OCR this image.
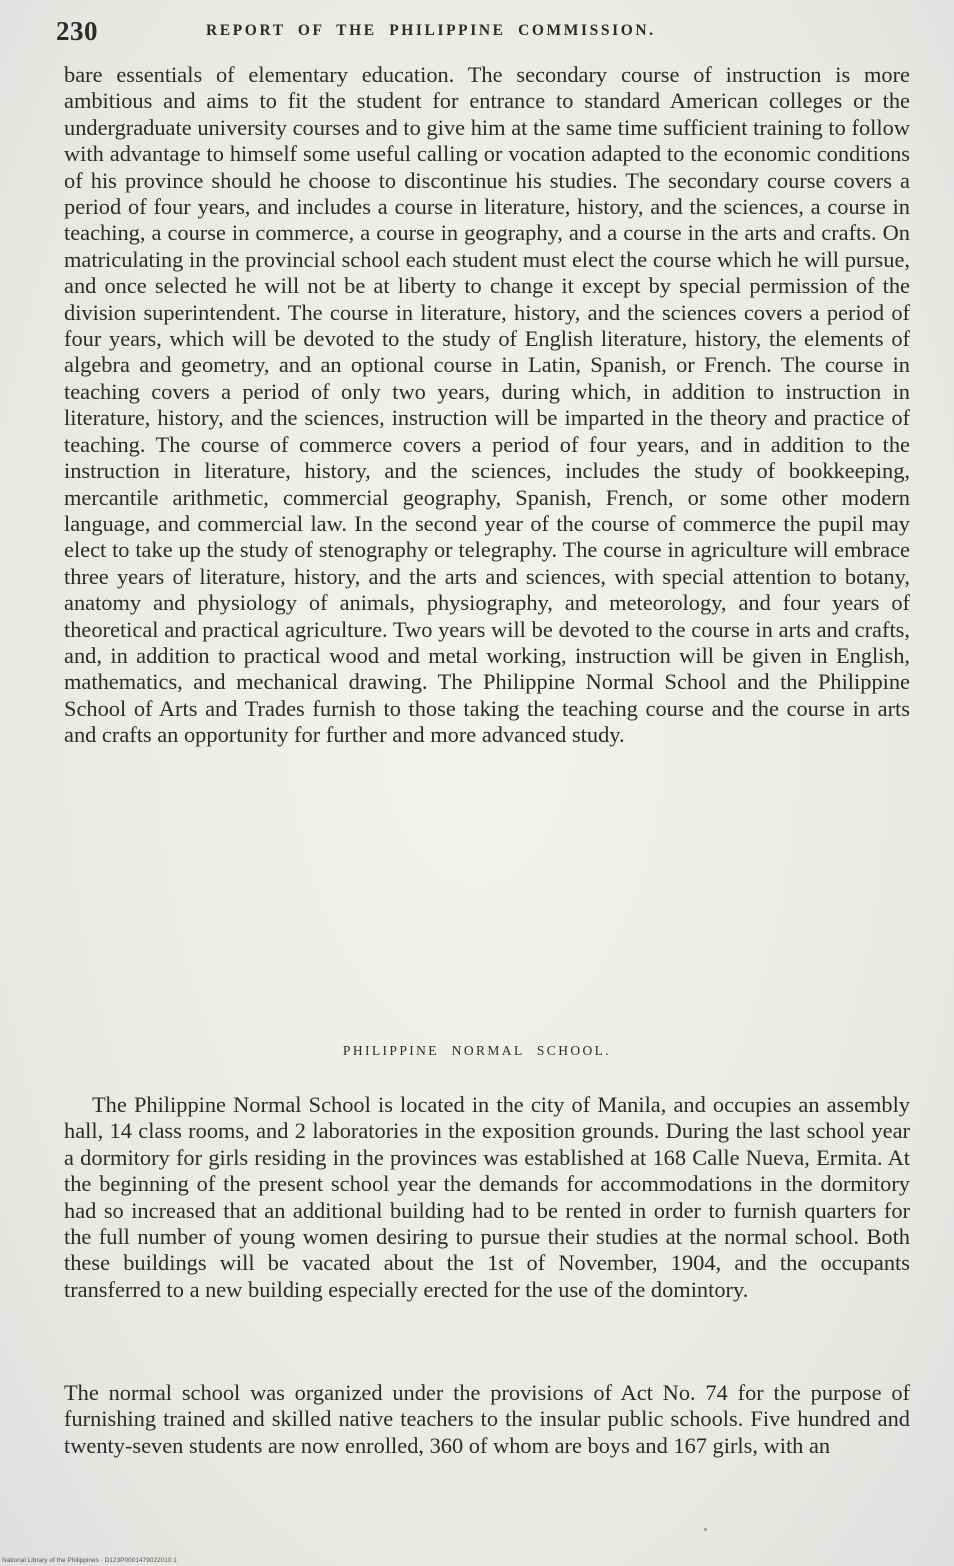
230	REPORT OF THE PHILIPPINE COMMISSION.

bare essentials of elementary education. The secondary course of instruction is more ambitious and aims to fit the student for entrance to standard American colleges or the undergraduate university courses and to give him at the same time sufficient training to follow with advantage to himself some useful calling or vocation adapted to the economic conditions of his province should he choose to discontinue his studies. The secondary course covers a period of four years, and includes a course in literature, history, and the sciences, a course in teaching, a course in commerce, a course in geography, and a course in the arts and crafts. On matriculating in the provincial school each student must elect the course which he will pursue, and once selected he will not be at liberty to change it except by special permission of the division superintendent. The course in literature, history, and the sciences covers a period of four years, which will be devoted to the study of English literature, history, the elements of algebra and geometry, and an optional course in Latin, Spanish, or French. The course in teaching covers a period of only two years, during which, in addition to instruction in literature, history, and the sciences, instruction will be imparted in the theory and practice of teaching. The course of commerce covers a period of four years, and in addition to the instruction in literature, history, and the sciences, includes the study of bookkeeping, mercantile arithmetic, commercial geography, Spanish, French, or some other modern language, and commercial law. In the second year of the course of commerce the pupil may elect to take up the study of stenography or telegraphy. The course in agriculture will embrace three years of literature, history, and the arts and sciences, with special attention to botany, anatomy and physiology of animals, physiography, and meteorology, and four years of theoretical and practical agriculture. Two years will be devoted to the course in arts and crafts, and, in addition to practical wood and metal working, instruction will be given in English, mathematics, and mechanical drawing. The Philippine Normal School and the Philippine School of Arts and Trades furnish to those taking the teaching course and the course in arts and crafts an opportunity for further and more advanced study.

PHILIPPINE NORMAL SCHOOL.

The Philippine Normal School is located in the city of Manila, and occupies an assembly hall, 14 class rooms, and 2 laboratories in the exposition grounds. During the last school year a dormitory for girls residing in the provinces was established at 168 Calle Nueva, Ermita. At the beginning of the present school year the demands for accommodations in the dormitory had so increased that an additional building had to be rented in order to furnish quarters for the full number of young women desiring to pursue their studies at the normal school. Both these buildings will be vacated about the 1st of November, 1904, and the occupants transferred to a new building especially erected for the use of the domintory.

The normal school was organized under the provisions of Act No. 74 for the purpose of furnishing trained and skilled native teachers to the insular public schools. Five hundred and twenty-seven students are now enrolled, 360 of whom are boys and 167 girls, with an

National Library of the Philippines · D123P0001479022010 1
